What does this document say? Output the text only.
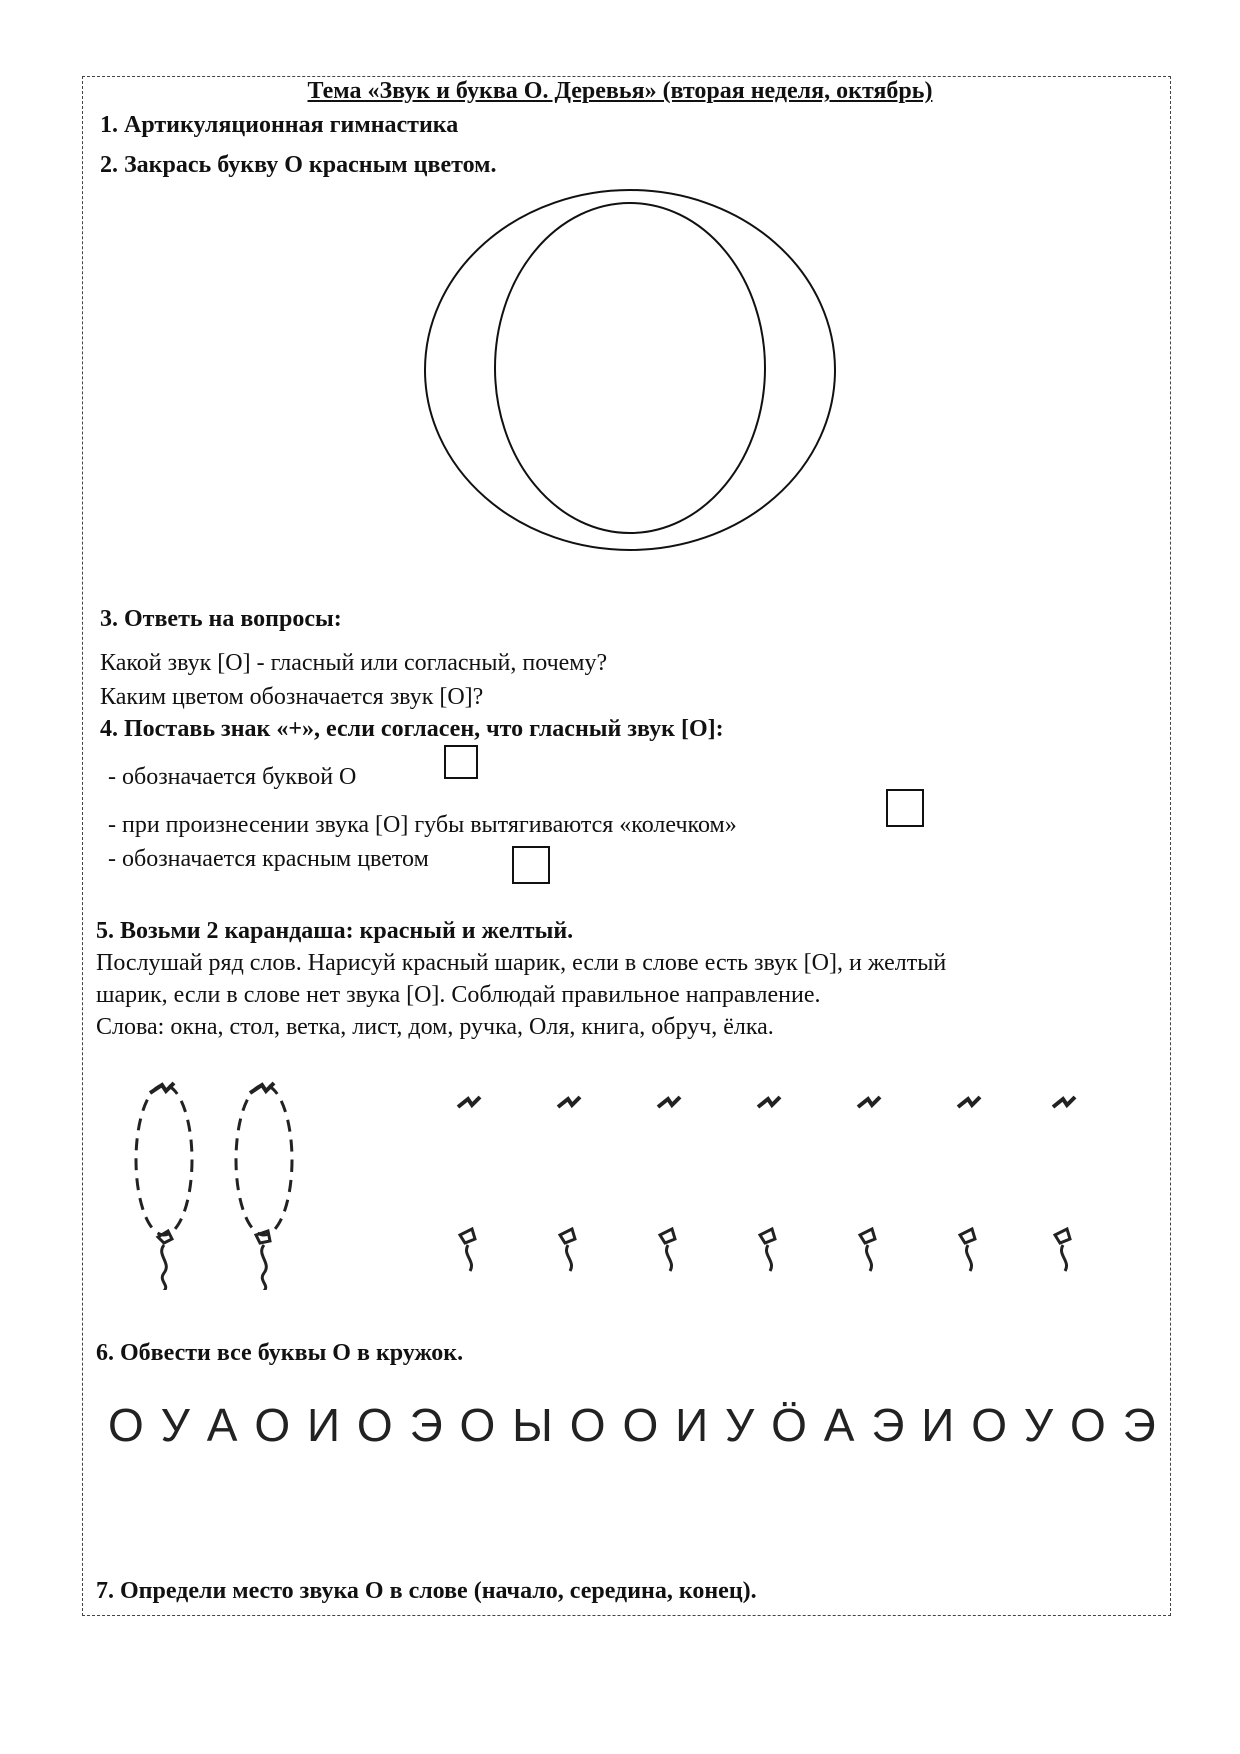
Тема «Звук и буква О. Деревья» (вторая неделя, октябрь)
1. Артикуляционная гимнастика
2. Закрась букву О красным цветом.
3. Ответь на вопросы:
Какой звук [О] - гласный или согласный, почему?
Каким цветом обозначается звук [О]?
4. Поставь знак «+», если согласен, что гласный звук [О]:
- обозначается буквой О
- при произнесении звука [О] губы вытягиваются «колечком»
- обозначается красным цветом
5. Возьми 2 карандаша: красный и желтый.
Послушай ряд слов. Нарисуй красный шарик, если в слове есть звук [О], и желтый
шарик, если в слове нет звука [О]. Соблюдай правильное направление.
Слова: окна, стол, ветка, лист, дом, ручка, Оля, книга, обруч, ёлка.
6. Обвести все буквы О в кружок.
О У А О И О Э О Ы О О И У Ӧ А Э И О У О Э
7. Определи место звука О в слове (начало, середина, конец).
